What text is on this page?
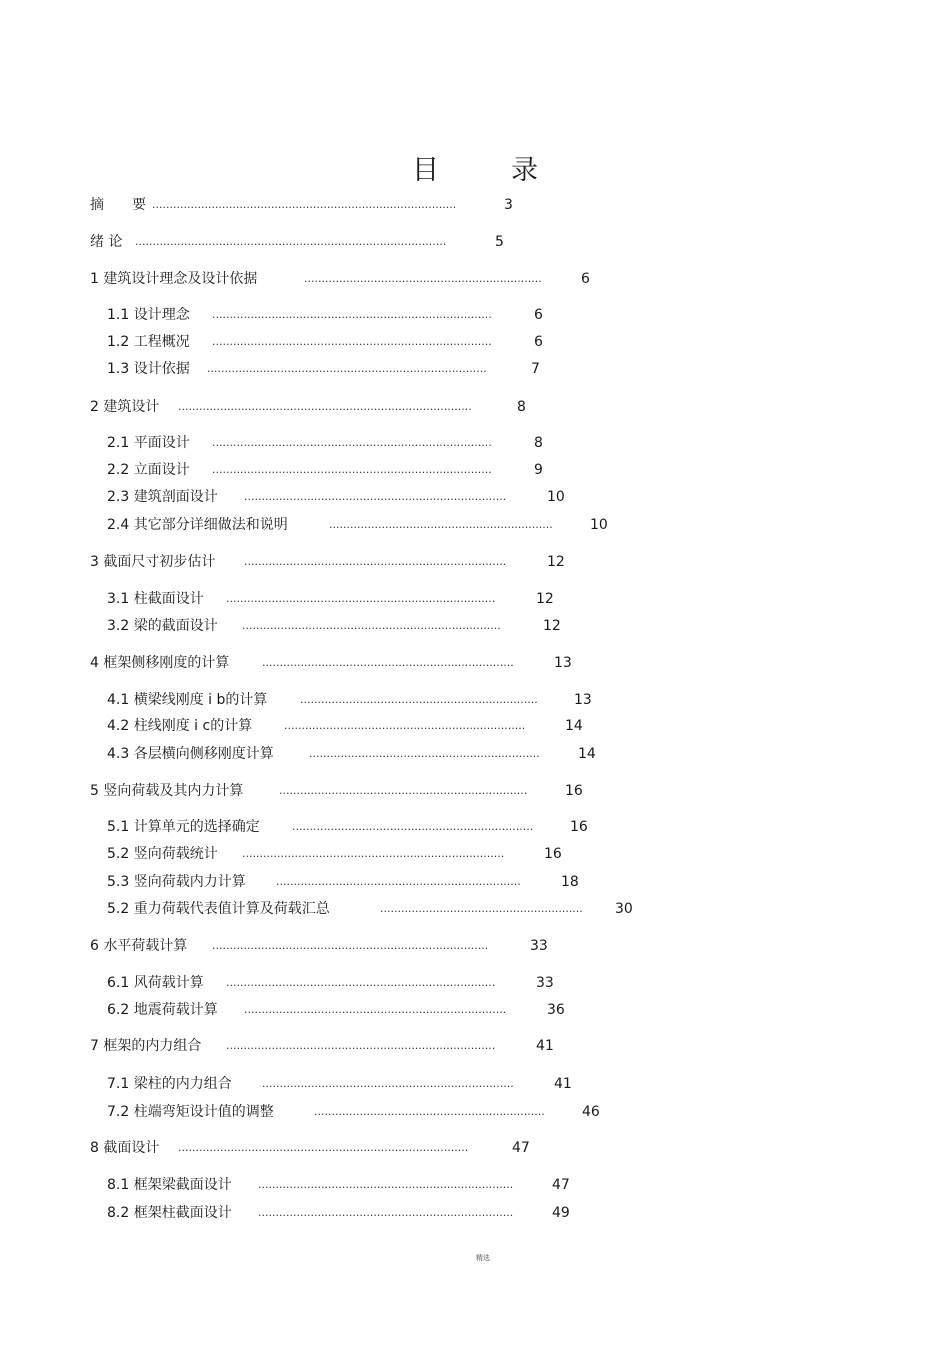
目	录
摘　　要 .......................................................................................	3
绪 论 .........................................................................................	5
1 建筑设计理念及设计依据	....................................................................	6
1.1 设计理念 ................................................................................	6
1.2 工程概况 ................................................................................	6
1.3 设计依据 ................................................................................	7
2 建筑设计 ....................................................................................	8
2.1 平面设计 ................................................................................	8
2.2 立面设计 ................................................................................	9
2.3 建筑剖面设计 ...........................................................................	10
2.4 其它部分详细做法和说明	................................................................	10
3 截面尺寸初步估计	...........................................................................	12
3.1 柱截面设计 .............................................................................	12
3.2 梁的截面设计 ..........................................................................	12
4 框架侧移刚度的计算	........................................................................	13
4.1 横梁线刚度 i b的计算	....................................................................	13
4.2 柱线刚度 i c的计算	.....................................................................	14
4.3 各层横向侧移刚度计算	..................................................................	14
5 竖向荷载及其内力计算	.......................................................................	16
5.1 计算单元的选择确定	.....................................................................	16
5.2 竖向荷载统计 ...........................................................................	16
5.3 竖向荷载内力计算	......................................................................	18
5.2 重力荷载代表值计算及荷载汇总	..........................................................	30
6 水平荷载计算 ...............................................................................	33
6.1 风荷载计算 .............................................................................	33
6.2 地震荷载计算 ...........................................................................	36
7 框架的内力组合 .............................................................................	41
7.1 梁柱的内力组合	........................................................................	41
7.2 柱端弯矩设计值的调整	..................................................................	46
8 截面设计 ...................................................................................	47
8.1 框架梁截面设计 .........................................................................	47
8.2 框架柱截面设计 .........................................................................	49
精选
